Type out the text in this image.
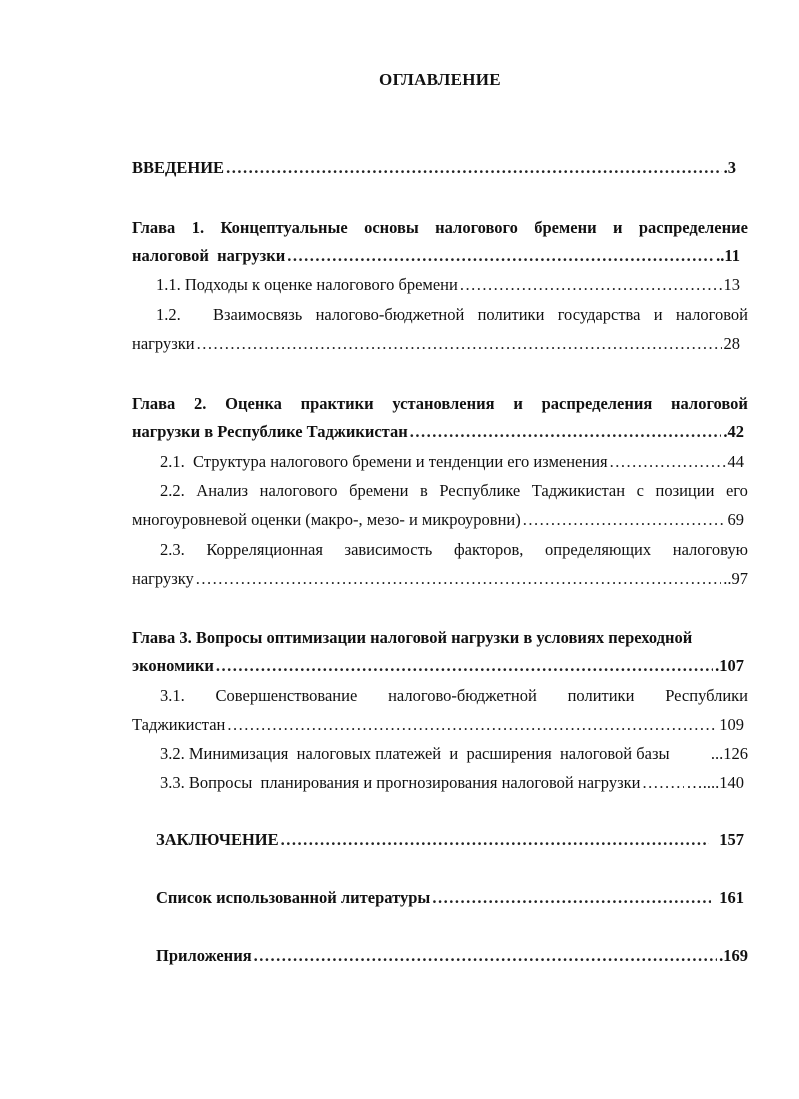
ОГЛАВЛЕНИЕ
ВВЕДЕНИЕ .....	.3
Глава 1. Концептуальные основы налогового бремени и распределение
налоговой  нагрузки .....	..11
1.1. Подходы к оценке налогового бремени .....	13
1.2. Взаимосвязь налогово-бюджетной политики государства и налоговой
нагрузки .....	28
Глава 2. Оценка практики установления и распределения налоговой
нагрузки в Республике Таджикистан .....	.42
2.1.  Структура налогового бремени и тенденции его изменения .....	44
2.2. Анализ налогового бремени в Республике Таджикистан с позиции его
многоуровневой оценки (макро-, мезо- и микроуровни) .....	69
2.3. Корреляционная зависимость факторов, определяющих налоговую
нагрузку .....	..97
Глава 3. Вопросы оптимизации налоговой нагрузки в условиях переходной
экономики .....	.107
3.1. Совершенствование налогово-бюджетной политики Республики
Таджикистан .....	109
3.2. Минимизация  налоговых платежей  и  расширения  налоговой базы	...126
3.3. Вопросы  планирования и прогнозирования налоговой нагрузки .....	…....140
ЗАКЛЮЧЕНИЕ .....	157
Список использованной литературы .....	161
Приложения .....	.169
